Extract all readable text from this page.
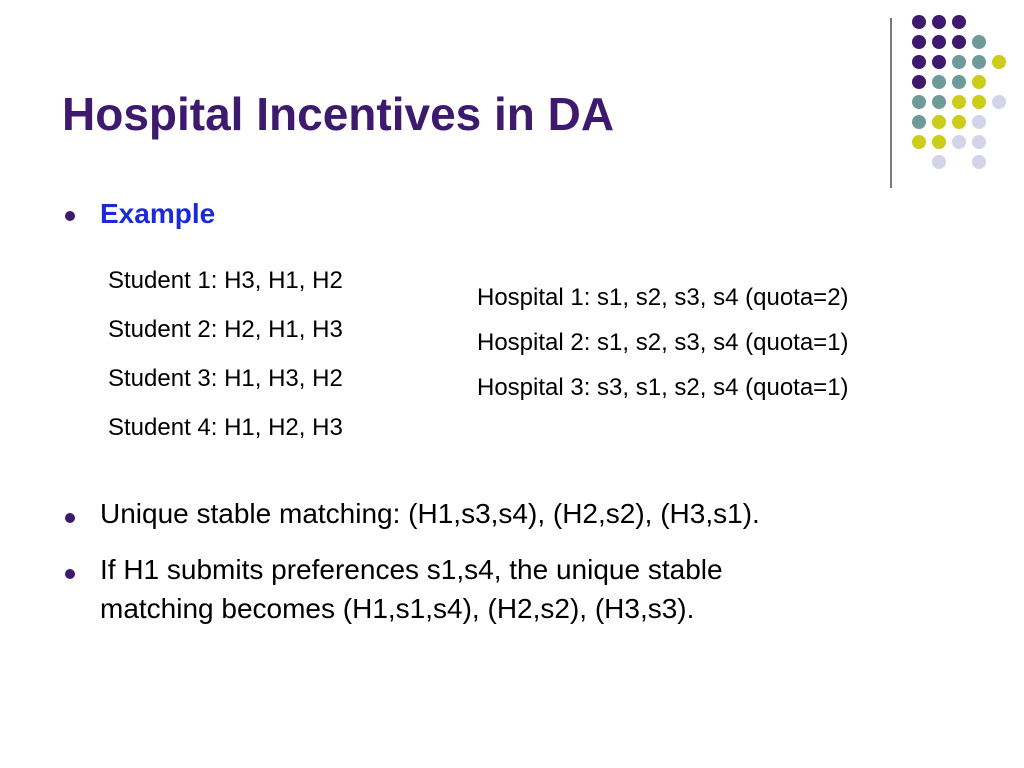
Hospital Incentives in DA
Example
Student 1: H3, H1, H2
Student 2: H2, H1, H3
Student 3: H1, H3, H2
Student 4: H1, H2, H3
Hospital 1: s1, s2, s3, s4 (quota=2)
Hospital 2: s1, s2, s3, s4 (quota=1)
Hospital 3: s3, s1, s2, s4 (quota=1)
Unique stable matching: (H1,s3,s4), (H2,s2), (H3,s1).
If H1 submits preferences s1,s4, the unique stable
matching becomes (H1,s1,s4), (H2,s2), (H3,s3).
